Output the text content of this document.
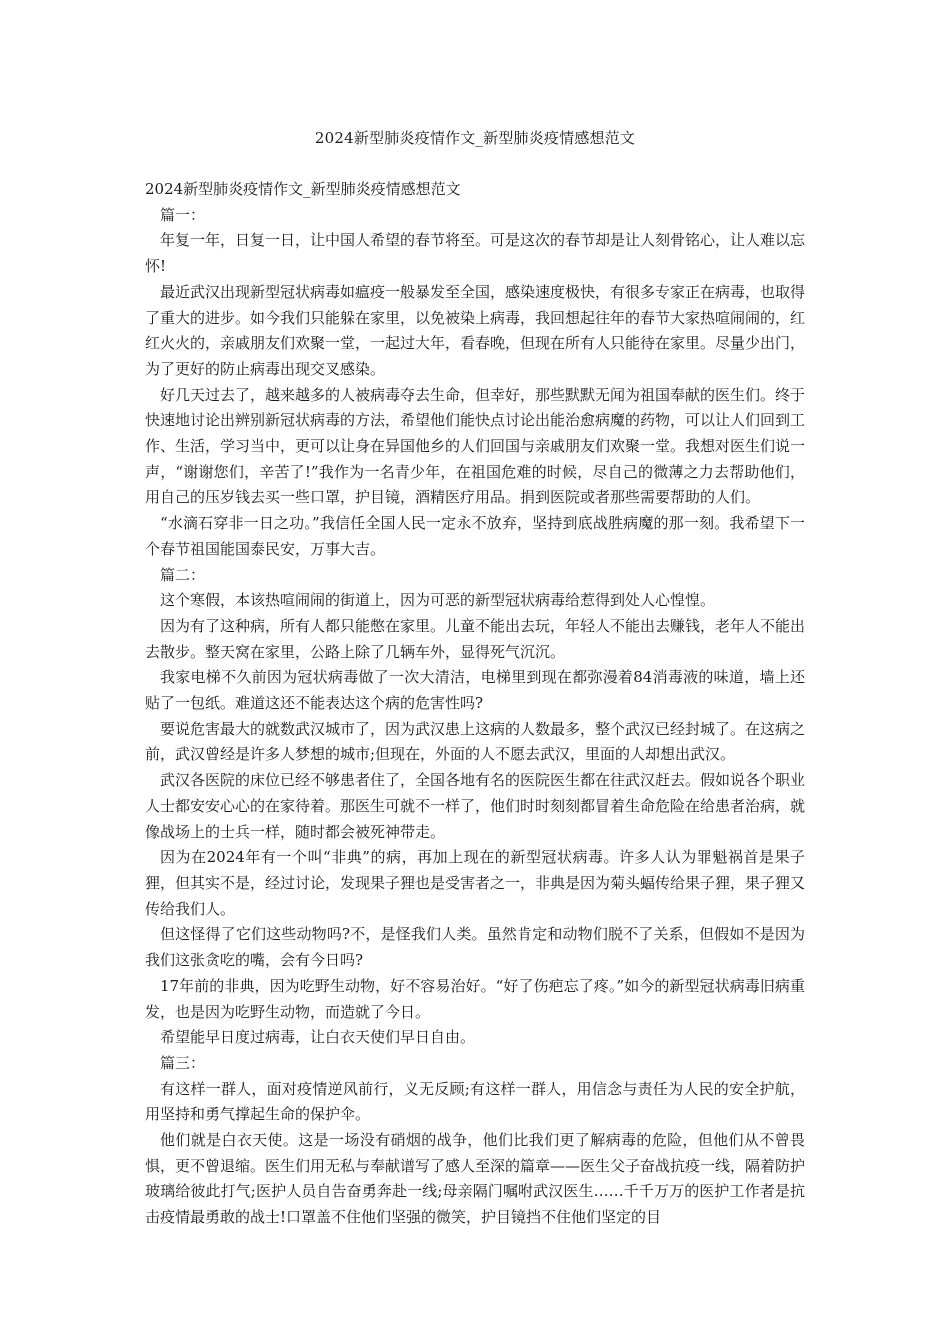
2024新型肺炎疫情作文_新型肺炎疫情感想范文
2024新型肺炎疫情作文_新型肺炎疫情感想范文

篇一：

年复一年，日复一日，让中国人希望的春节将至。可是这次的春节却是让人刻骨铭心，让人难以忘怀!

最近武汉出现新型冠状病毒如瘟疫一般暴发至全国，感染速度极快，有很多专家正在病毒，也取得了重大的进步。如今我们只能躲在家里，以免被染上病毒，我回想起往年的春节大家热喧闹闹的，红红火火的，亲戚朋友们欢聚一堂，一起过大年，看春晚，但现在所有人只能待在家里。尽量少出门，为了更好的防止病毒出现交叉感染。

好几天过去了，越来越多的人被病毒夺去生命，但幸好，那些默默无闻为祖国奉献的医生们。终于快速地讨论出辨别新冠状病毒的方法，希望他们能快点讨论出能治愈病魔的药物，可以让人们回到工作、生活，学习当中，更可以让身在异国他乡的人们回国与亲戚朋友们欢聚一堂。我想对医生们说一声，“谢谢您们，辛苦了!”我作为一名青少年，在祖国危难的时候，尽自己的微薄之力去帮助他们，用自己的压岁钱去买一些口罩，护目镜，酒精医疗用品。捐到医院或者那些需要帮助的人们。

“水滴石穿非一日之功。”我信任全国人民一定永不放弃，坚持到底战胜病魔的那一刻。我希望下一个春节祖国能国泰民安，万事大吉。

篇二：

这个寒假，本该热喧闹闹的街道上，因为可恶的新型冠状病毒给惹得到处人心惶惶。

因为有了这种病，所有人都只能憋在家里。儿童不能出去玩，年轻人不能出去赚钱，老年人不能出去散步。整天窝在家里，公路上除了几辆车外，显得死气沉沉。

我家电梯不久前因为冠状病毒做了一次大清洁，电梯里到现在都弥漫着84消毒液的味道，墙上还贴了一包纸。难道这还不能表达这个病的危害性吗?

要说危害最大的就数武汉城市了，因为武汉患上这病的人数最多，整个武汉已经封城了。在这病之前，武汉曾经是许多人梦想的城市;但现在，外面的人不愿去武汉，里面的人却想出武汉。

武汉各医院的床位已经不够患者住了，全国各地有名的医院医生都在往武汉赶去。假如说各个职业人士都安安心心的在家待着。那医生可就不一样了，他们时时刻刻都冒着生命危险在给患者治病，就像战场上的士兵一样，随时都会被死神带走。

因为在2024年有一个叫“非典”的病，再加上现在的新型冠状病毒。许多人认为罪魁祸首是果子狸，但其实不是，经过讨论，发现果子狸也是受害者之一，非典是因为菊头蝠传给果子狸，果子狸又传给我们人。

但这怪得了它们这些动物吗?不，是怪我们人类。虽然肯定和动物们脱不了关系，但假如不是因为我们这张贪吃的嘴，会有今日吗?

17年前的非典，因为吃野生动物，好不容易治好。“好了伤疤忘了疼。”如今的新型冠状病毒旧病重发，也是因为吃野生动物，而造就了今日。

希望能早日度过病毒，让白衣天使们早日自由。

篇三：

有这样一群人，面对疫情逆风前行，义无反顾;有这样一群人，用信念与责任为人民的安全护航，用坚持和勇气撑起生命的保护伞。

他们就是白衣天使。这是一场没有硝烟的战争，他们比我们更了解病毒的危险，但他们从不曾畏惧，更不曾退缩。医生们用无私与奉献谱写了感人至深的篇章——医生父子奋战抗疫一线，隔着防护玻璃给彼此打气;医护人员自告奋勇奔赴一线;母亲隔门嘱咐武汉医生……千千万万的医护工作者是抗击疫情最勇敢的战士!口罩盖不住他们坚强的微笑，护目镜挡不住他们坚定的目
